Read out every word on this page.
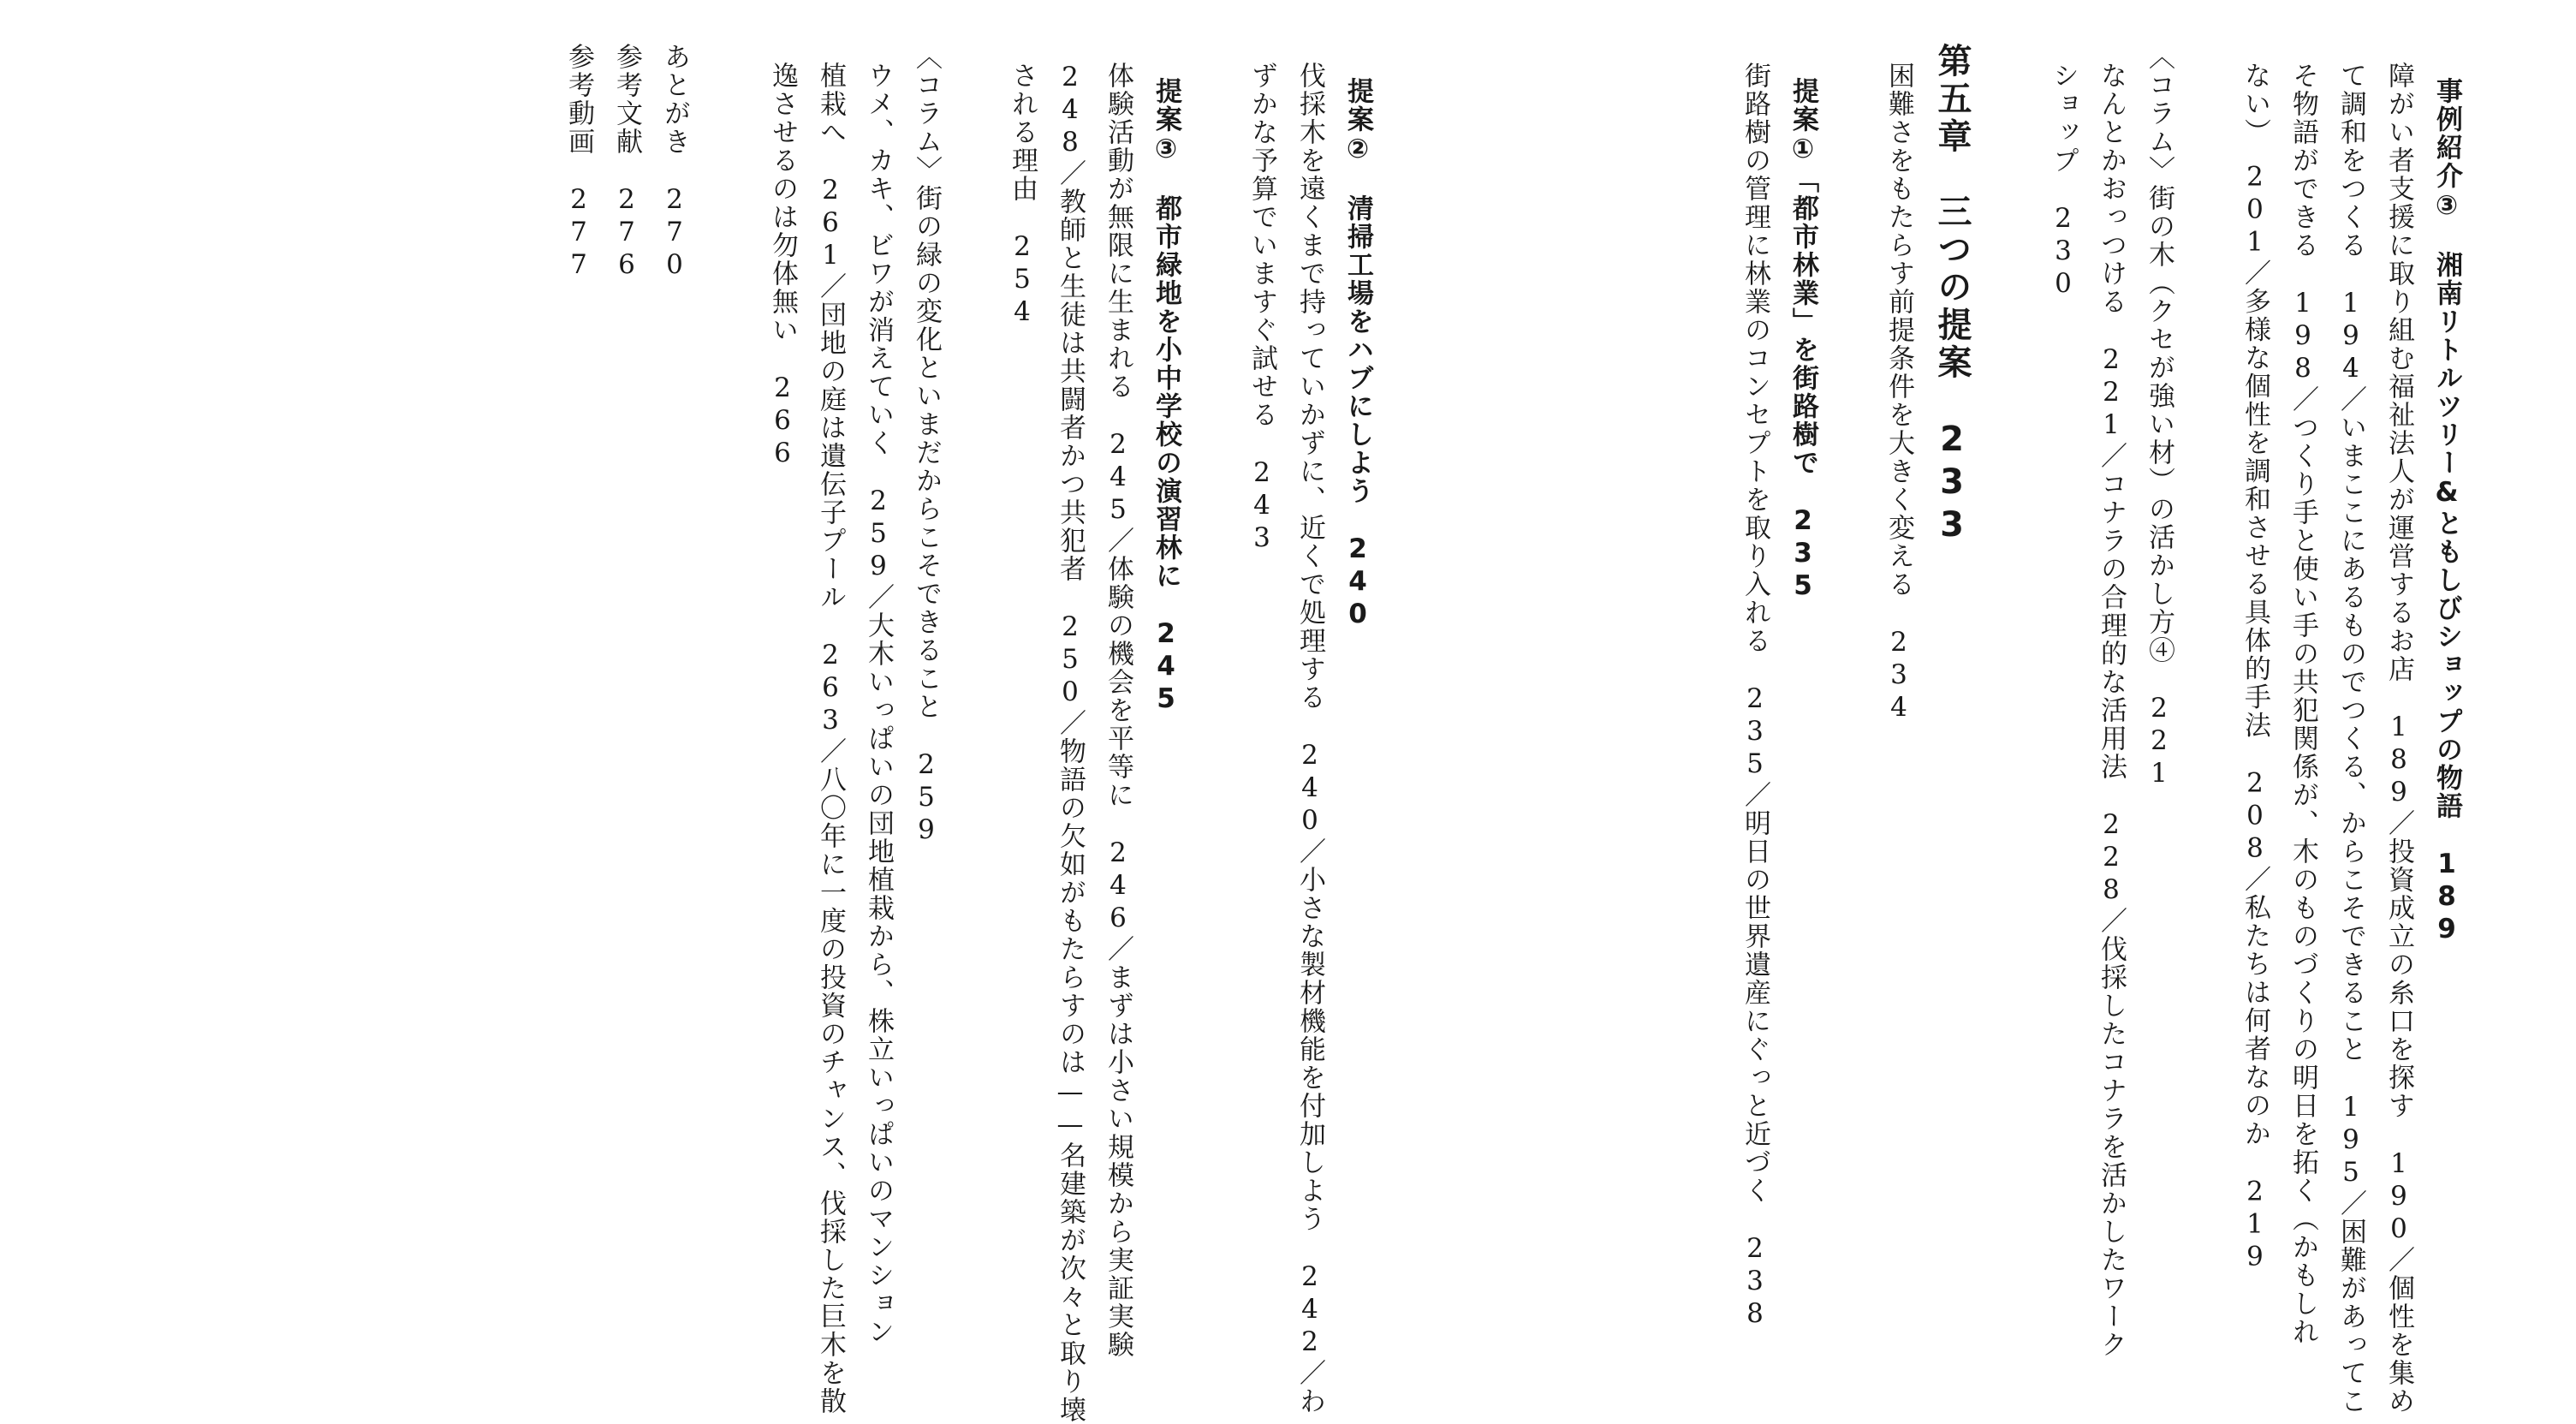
事例紹介③　湘南リトルツリー&ともしびショップの物語　189
障がい者支援に取り組む福祉法人が運営するお店　189／投資成立の糸口を探す　190／個性を集め
て調和をつくる　194／いまここにあるものでつくる、からこそできること　195／困難があってこ
そ物語ができる　198／つくり手と使い手の共犯関係が、木のものづくりの明日を拓く（かもしれ
ない）　201／多様な個性を調和させる具体的手法　208／私たちは何者なのか　219
〈コラム〉街の木（クセが強い材）の活かし方④　221
なんとかおっつける　221／コナラの合理的な活用法　228／伐採したコナラを活かしたワーク
ショップ　230
第五章　三つの提案　233
困難さをもたらす前提条件を大きく変える　234
提案①「都市林業」を街路樹で　235
街路樹の管理に林業のコンセプトを取り入れる　235／明日の世界遺産にぐっと近づく　238
提案②　清掃工場をハブにしよう　240
伐採木を遠くまで持っていかずに、近くで処理する　240／小さな製材機能を付加しよう　242／わ
ずかな予算でいますぐ試せる　243
提案③　都市緑地を小中学校の演習林に　245
体験活動が無限に生まれる　245／体験の機会を平等に　246／まずは小さい規模から実証実験
248／教師と生徒は共闘者かつ共犯者　250／物語の欠如がもたらすのは——名建築が次々と取り壊
される理由　254
〈コラム〉街の緑の変化といまだからこそできること　259
ウメ、カキ、ビワが消えていく　259／大木いっぱいの団地植栽から、株立いっぱいのマンション
植栽へ　261／団地の庭は遺伝子プール　263／八〇年に一度の投資のチャンス、伐採した巨木を散
逸させるのは勿体無い　266
あとがき　270
参考文献　276
参考動画　277
